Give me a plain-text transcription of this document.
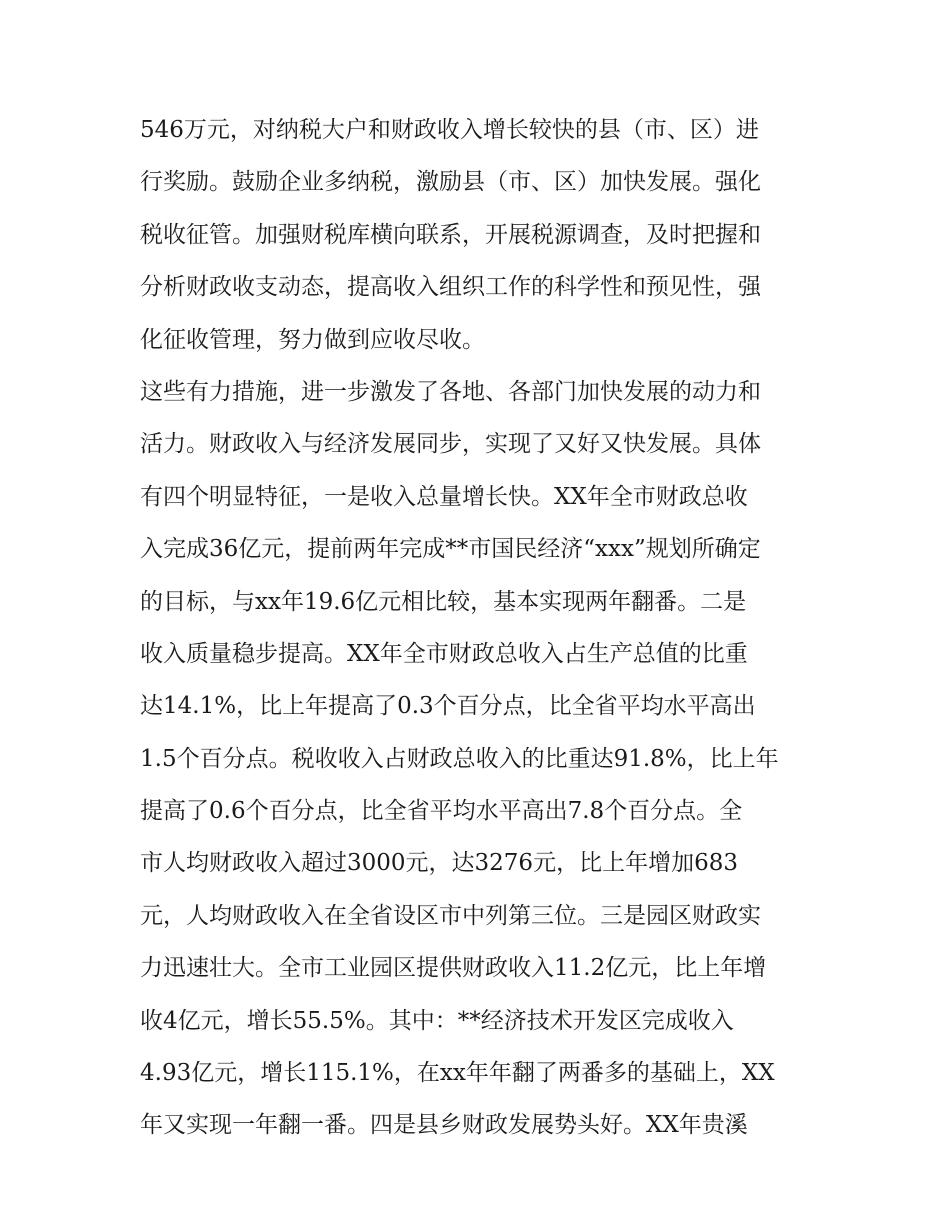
546万元，对纳税大户和财政收入增长较快的县（市、区）进
行奖励。鼓励企业多纳税，激励县（市、区）加快发展。强化
税收征管。加强财税库横向联系，开展税源调查，及时把握和
分析财政收支动态，提高收入组织工作的科学性和预见性，强
化征收管理，努力做到应收尽收。
这些有力措施，进一步激发了各地、各部门加快发展的动力和
活力。财政收入与经济发展同步，实现了又好又快发展。具体
有四个明显特征，一是收入总量增长快。XX年全市财政总收
入完成36亿元，提前两年完成**市国民经济“xxx”规划所确定
的目标，与xx年19.6亿元相比较，基本实现两年翻番。二是
收入质量稳步提高。XX年全市财政总收入占生产总值的比重
达14.1%，比上年提高了0.3个百分点，比全省平均水平高出
1.5个百分点。税收收入占财政总收入的比重达91.8%，比上年
提高了0.6个百分点，比全省平均水平高出7.8个百分点。全
市人均财政收入超过3000元，达3276元，比上年增加683
元，人均财政收入在全省设区市中列第三位。三是园区财政实
力迅速壮大。全市工业园区提供财政收入11.2亿元，比上年增
收4亿元，增长55.5%。其中：**经济技术开发区完成收入
4.93亿元，增长115.1%，在xx年年翻了两番多的基础上，XX
年又实现一年翻一番。四是县乡财政发展势头好。XX年贵溪
